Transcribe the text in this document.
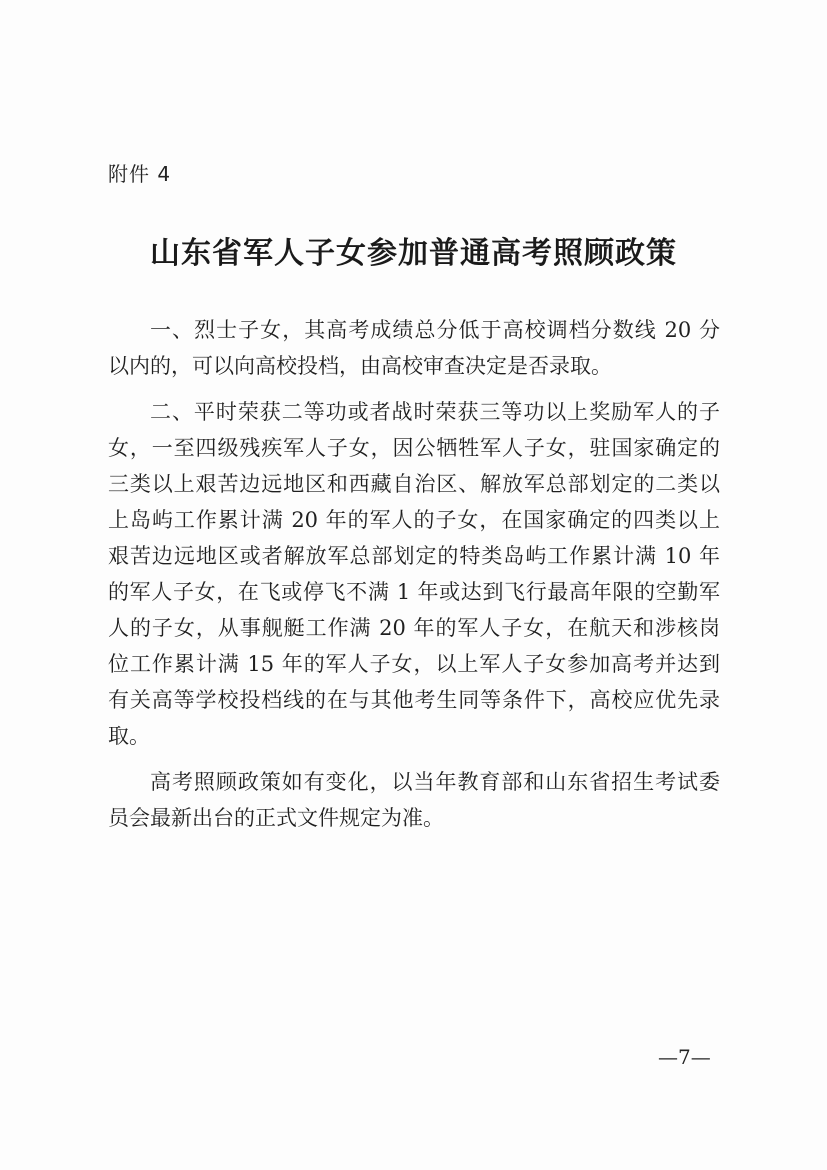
附件 4
山东省军人子女参加普通高考照顾政策
一、烈士子女，其高考成绩总分低于高校调档分数线 20 分
以内的，可以向高校投档，由高校审查决定是否录取。
二、平时荣获二等功或者战时荣获三等功以上奖励军人的子
女，一至四级残疾军人子女，因公牺牲军人子女，驻国家确定的
三类以上艰苦边远地区和西藏自治区、解放军总部划定的二类以
上岛屿工作累计满 20 年的军人的子女，在国家确定的四类以上
艰苦边远地区或者解放军总部划定的特类岛屿工作累计满 10 年
的军人子女，在飞或停飞不满 1 年或达到飞行最高年限的空勤军
人的子女，从事舰艇工作满 20 年的军人子女，在航天和涉核岗
位工作累计满 15 年的军人子女，以上军人子女参加高考并达到
有关高等学校投档线的在与其他考生同等条件下，高校应优先录
取。
高考照顾政策如有变化，以当年教育部和山东省招生考试委
员会最新出台的正式文件规定为准。
—7—
